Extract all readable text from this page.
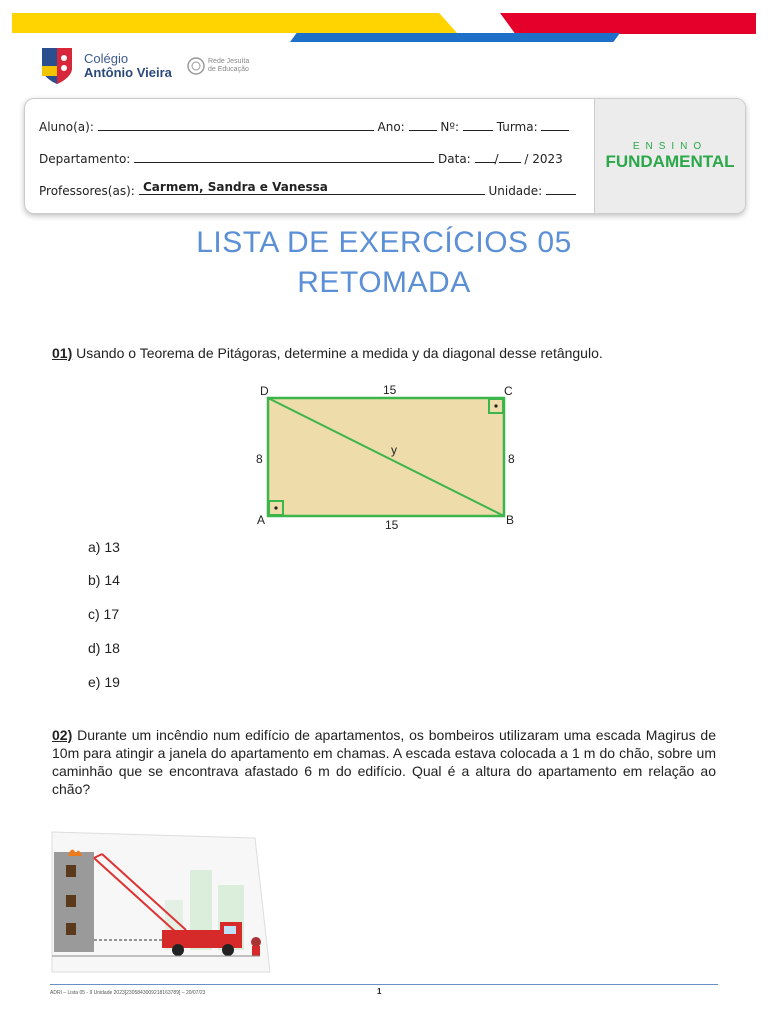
Colégio
Antônio Vieira
Rede Jesuíta
de Educação
Aluno(a):	Ano:	Nº:	Turma:
Departamento:	Data: / / 2023
Professores(as):	Unidade:
Carmem, Sandra e Vanessa
ENSINO
FUNDAMENTAL
LISTA DE EXERCÍCIOS 05
RETOMADA
01) Usando o Teorema de Pitágoras, determine a medida y da diagonal desse retângulo.
D	C
A	B
15
15
8	8
y
a) 13
b) 14
c) 17
d) 18
e) 19
02) Durante um incêndio num edifício de apartamentos, os bombeiros utilizaram uma escada Magirus de 10m para atingir a janela do apartamento em chamas. A escada estava colocada a 1 m do chão, sobre um caminhão que se encontrava afastado 6 m do edifício. Qual é a altura do apartamento em relação ao chão?
ADRI – Lista 05 - II Unidade 2023[230584300921816378​9] – 20/07/23	1
